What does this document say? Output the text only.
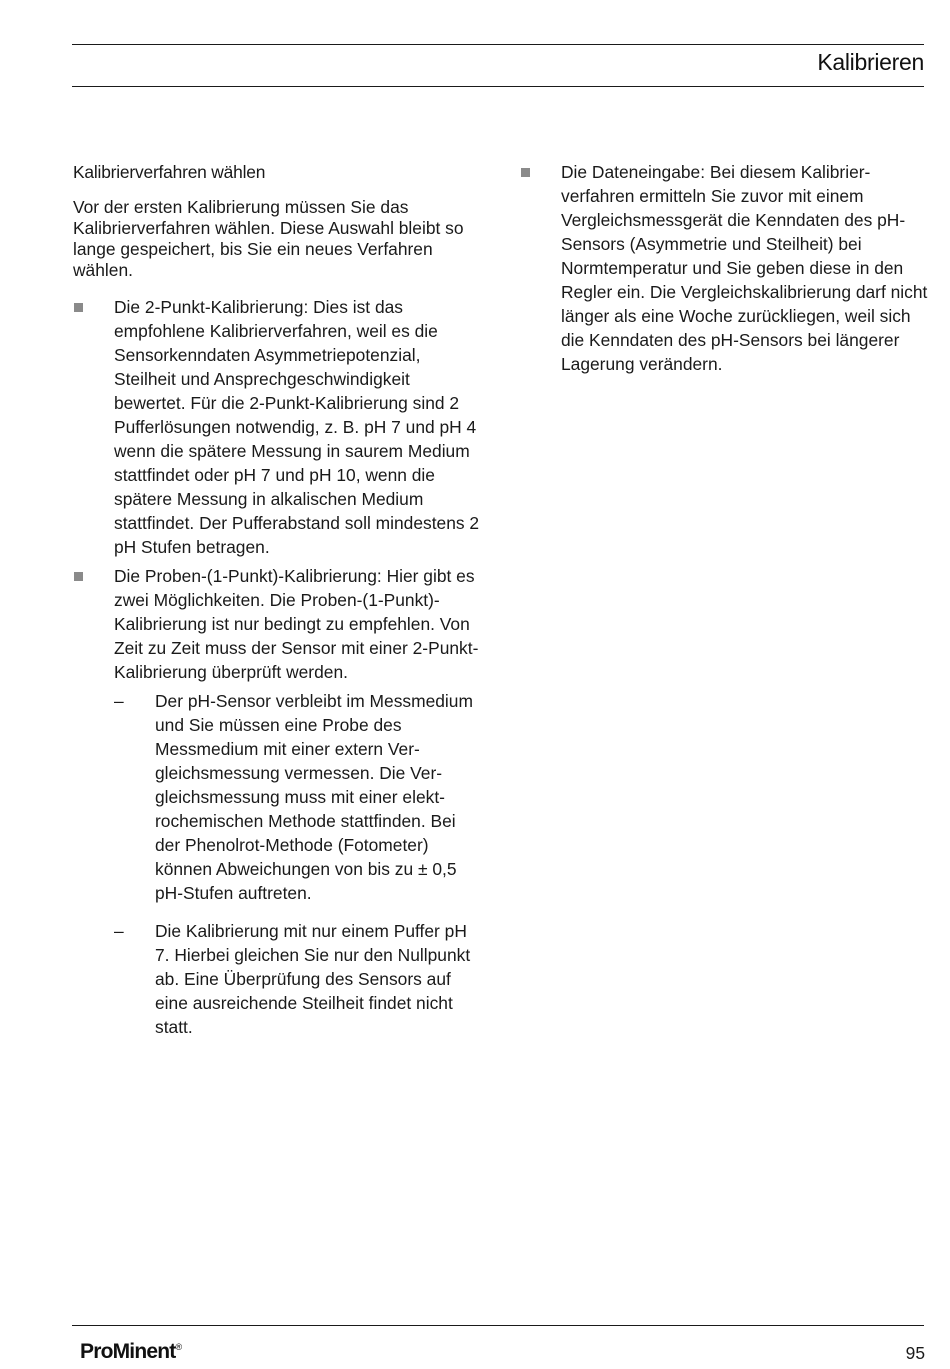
Kalibrieren
Kalibrierverfahren wählen
Vor der ersten Kalibrierung müssen Sie das Kalibrierverfahren wählen. Diese Auswahl bleibt so lange gespeichert, bis Sie ein neues Verfahren wählen.
Die 2-Punkt-Kalibrierung: Dies ist das empfohlene Kalibrierverfahren, weil es die Sensorkenndaten Asymmetriepotenzial, Steilheit und Ansprechgeschwindigkeit bewertet. Für die 2-Punkt-Kalibrierung sind 2 Pufferlösungen notwendig, z. B. pH 7 und pH 4 wenn die spätere Messung in saurem Medium stattfindet oder pH 7 und pH 10, wenn die spätere Messung in alkalischen Medium stattfindet. Der Pufferabstand soll mindestens 2 pH Stufen betragen.
Die Proben-(1-Punkt)-Kalibrierung: Hier gibt es zwei Möglichkeiten. Die Proben-(1-Punkt)-Kalibrierung ist nur bedingt zu empfehlen. Von Zeit zu Zeit muss der Sensor mit einer 2-Punkt-Kalibrierung überprüft werden.
– Der pH-Sensor verbleibt im Messmedium und Sie müssen eine Probe des Messmedium mit einer extern Vergleichsmessung vermessen. Die Vergleichsmessung muss mit einer elektrochemischen Methode stattfinden. Bei der Phenolrot-Methode (Fotometer) können Abweichungen von bis zu ± 0,5 pH-Stufen auftreten.
– Die Kalibrierung mit nur einem Puffer pH 7. Hierbei gleichen Sie nur den Nullpunkt ab. Eine Überprüfung des Sensors auf eine ausreichende Steilheit findet nicht statt.
Die Dateneingabe: Bei diesem Kalibrierverfahren ermitteln Sie zuvor mit einem Vergleichsmessgerät die Kenndaten des pH-Sensors (Asymmetrie und Steilheit) bei Normtemperatur und Sie geben diese in den Regler ein. Die Vergleichskalibrierung darf nicht länger als eine Woche zurückliegen, weil sich die Kenndaten des pH-Sensors bei längerer Lagerung verändern.
ProMinent®	95
